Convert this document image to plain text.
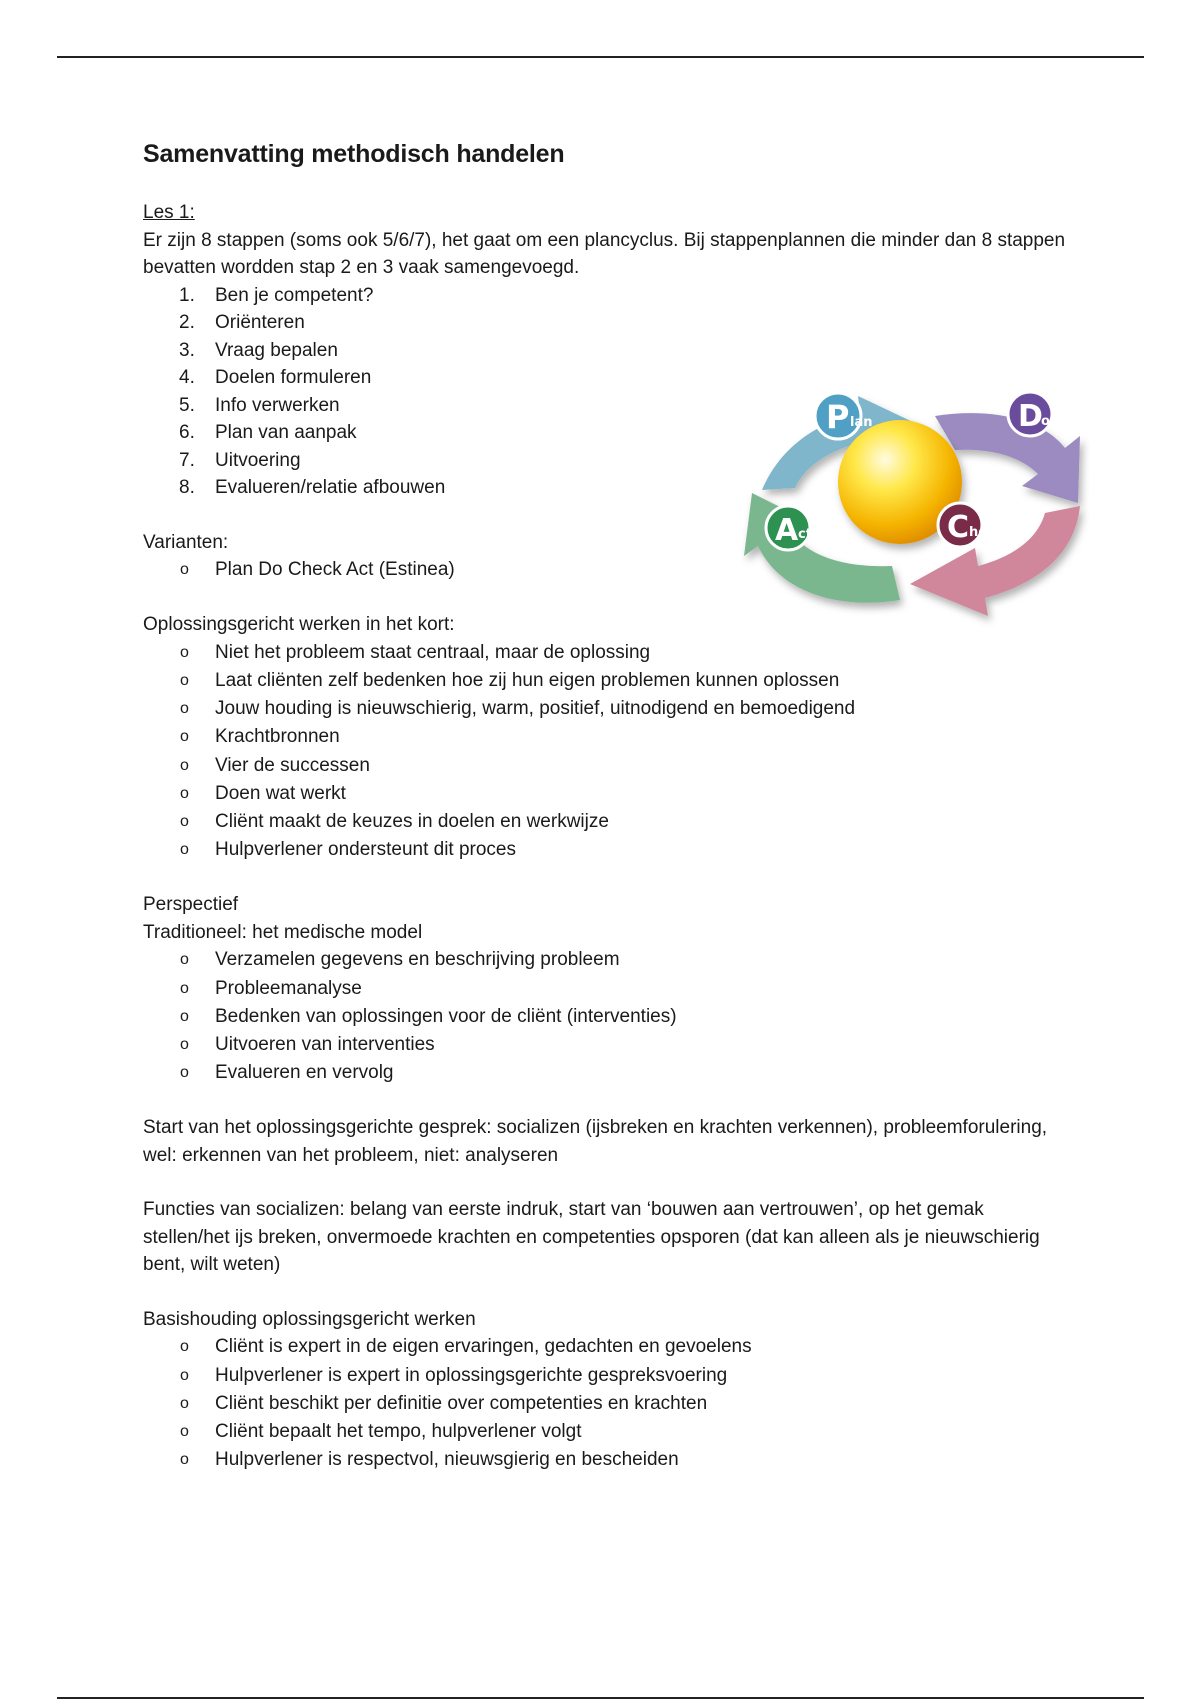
Samenvatting methodisch handelen

Les 1:

Er zijn 8 stappen (soms ook 5/6/7), het gaat om een plancyclus. Bij stappenplannen die minder dan 8 stappen bevatten wordden stap 2 en 3 vaak samengevoegd.

1.	Ben je competent?
2.	Oriënteren
3.	Vraag bepalen
4.	Doelen formuleren
5.	Info verwerken
6.	Plan van aanpak
7.	Uitvoering
8.	Evalueren/relatie afbouwen

Varianten:

o Plan Do Check Act (Estinea)

Oplossingsgericht werken in het kort:

o Niet het probleem staat centraal, maar de oplossing
o Laat cliënten zelf bedenken hoe zij hun eigen problemen kunnen oplossen
o Jouw houding is nieuwschierig, warm, positief, uitnodigend en bemoedigend
o Krachtbronnen
o Vier de successen
o Doen wat werkt
o Cliënt maakt de keuzes in doelen en werkwijze
o Hulpverlener ondersteunt dit proces

Perspectief

Traditioneel: het medische model

o Verzamelen gegevens en beschrijving probleem
o Probleemanalyse
o Bedenken van oplossingen voor de cliënt (interventies)
o Uitvoeren van interventies
o Evalueren en vervolg

Start van het oplossingsgerichte gesprek: socializen (ijsbreken en krachten verkennen), probleemforulering, wel: erkennen van het probleem, niet: analyseren

Functies van socializen: belang van eerste indruk, start van ‘bouwen aan vertrouwen’, op het gemak stellen/het ijs breken, onvermoede krachten en competenties opsporen (dat kan alleen als je nieuwschierig bent, wilt weten)

Basishouding oplossingsgericht werken

o Cliënt is expert in de eigen ervaringen, gedachten en gevoelens
o Hulpverlener is expert in oplossingsgerichte gespreksvoering
o Cliënt beschikt per definitie over competenties en krachten
o Cliënt bepaalt het tempo, hulpverlener volgt
o Hulpverlener is respectvol, nieuwsgierig en bescheiden
P lan	D
o
A ct	C heck
